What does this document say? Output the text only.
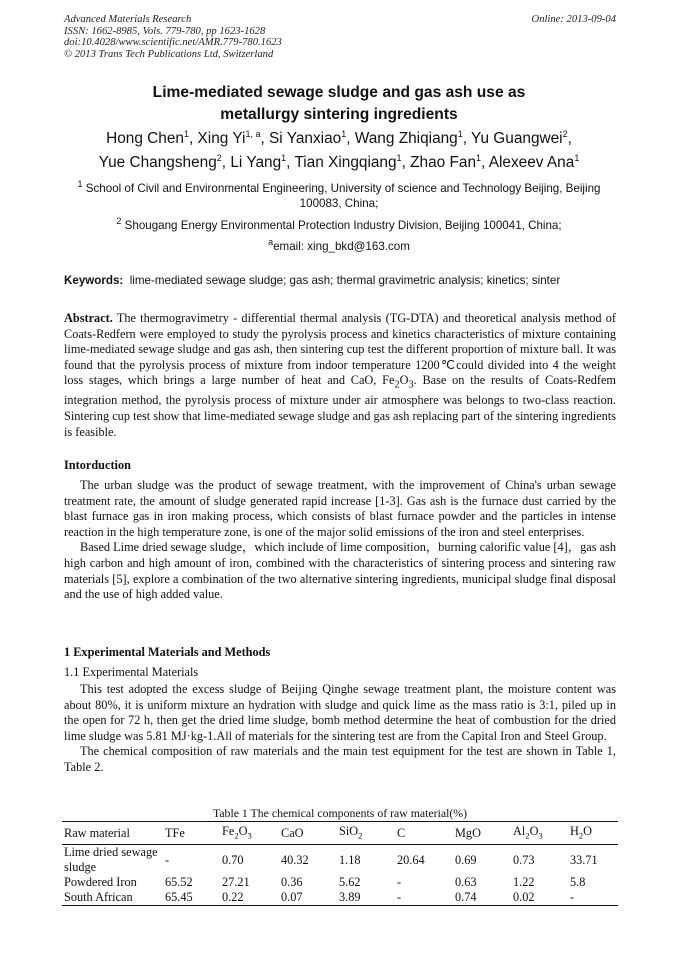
Advanced Materials Research
ISSN: 1662-8985, Vols. 779-780, pp 1623-1628
doi:10.4028/www.scientific.net/AMR.779-780.1623
© 2013 Trans Tech Publications Ltd, Switzerland
Online: 2013-09-04
Lime-mediated sewage sludge and gas ash use as
metallurgy sintering ingredients
Hong Chen$^1$, Xing Yi$^{1, a}$, Si Yanxiao$^1$, Wang Zhiqiang$^1$, Yu Guangwei$^2$,
Yue Changsheng$^2$, Li Yang$^1$, Tian Xingqiang$^1$, Zhao Fan$^1$, Alexeev Ana$^1$
$^1$ School of Civil and Environmental Engineering, University of science and Technology Beijing, Beijing 100083, China;
$^2$ Shougang Energy Environmental Protection Industry Division, Beijing 100041, China;
$^a$email: xing_bkd@163.com
Keywords: lime-mediated sewage sludge; gas ash; thermal gravimetric analysis; kinetics; sinter

Abstract. The thermogravimetry - differential thermal analysis (TG-DTA) and theoretical analysis method of Coats-Redfern were employed to study the pyrolysis process and kinetics characteristics of mixture containing lime-mediated sewage sludge and gas ash, then sintering cup test the different proportion of mixture ball. It was found that the pyrolysis process of mixture from indoor temperature 1200℃could divided into 4 the weight loss stages, which brings a large number of heat and CaO, $Fe_2O_3$. Base on the results of Coats-Redfem integration method, the pyrolysis process of mixture under air atmosphere was belongs to two-class reaction. Sintering cup test show that lime-mediated sewage sludge and gas ash replacing part of the sintering ingredients is feasible.

Intorduction

The urban sludge was the product of sewage treatment, with the improvement of China's urban sewage treatment rate, the amount of sludge generated rapid increase [1-3]. Gas ash is the furnace dust carried by the blast furnace gas in iron making process, which consists of blast furnace powder and the particles in intense reaction in the high temperature zone, is one of the major solid emissions of the iron and steel enterprises.

Based Lime dried sewage sludge，which include of lime composition，burning calorific value [4]，gas ash high carbon and high amount of iron, combined with the characteristics of sintering process and sintering raw materials [5], explore a combination of the two alternative sintering ingredients, municipal sludge final disposal and the use of high added value.

1 Experimental Materials and Methods
1.1 Experimental Materials

This test adopted the excess sludge of Beijing Qinghe sewage treatment plant, the moisture content was about 80%, it is uniform mixture an hydration with sludge and quick lime as the mass ratio is 3:1, piled up in the open for 72 h, then get the dried lime sludge, bomb method determine the heat of combustion for the dried lime sludge was 5.81 MJ·kg-1.All of materials for the sintering test are from the Capital Iron and Steel Group.

The chemical composition of raw materials and the main test equipment for the test are shown in Table 1, Table 2.

Table 1 The chemical components of raw material(%)
Raw material	TFe	$Fe_2O_3$	CaO	SiO$_2$	C	MgO	$Al_2O_3$	$H_2O$
Lime dried sewage sludge	-	0.70	40.32	1.18	20.64	0.69	0.73	33.71
Powdered Iron	65.52	27.21	0.36	5.62	-	0.63	1.22	5.8
South African	65.45	0.22	0.07	3.89	-	0.74	0.02	-
